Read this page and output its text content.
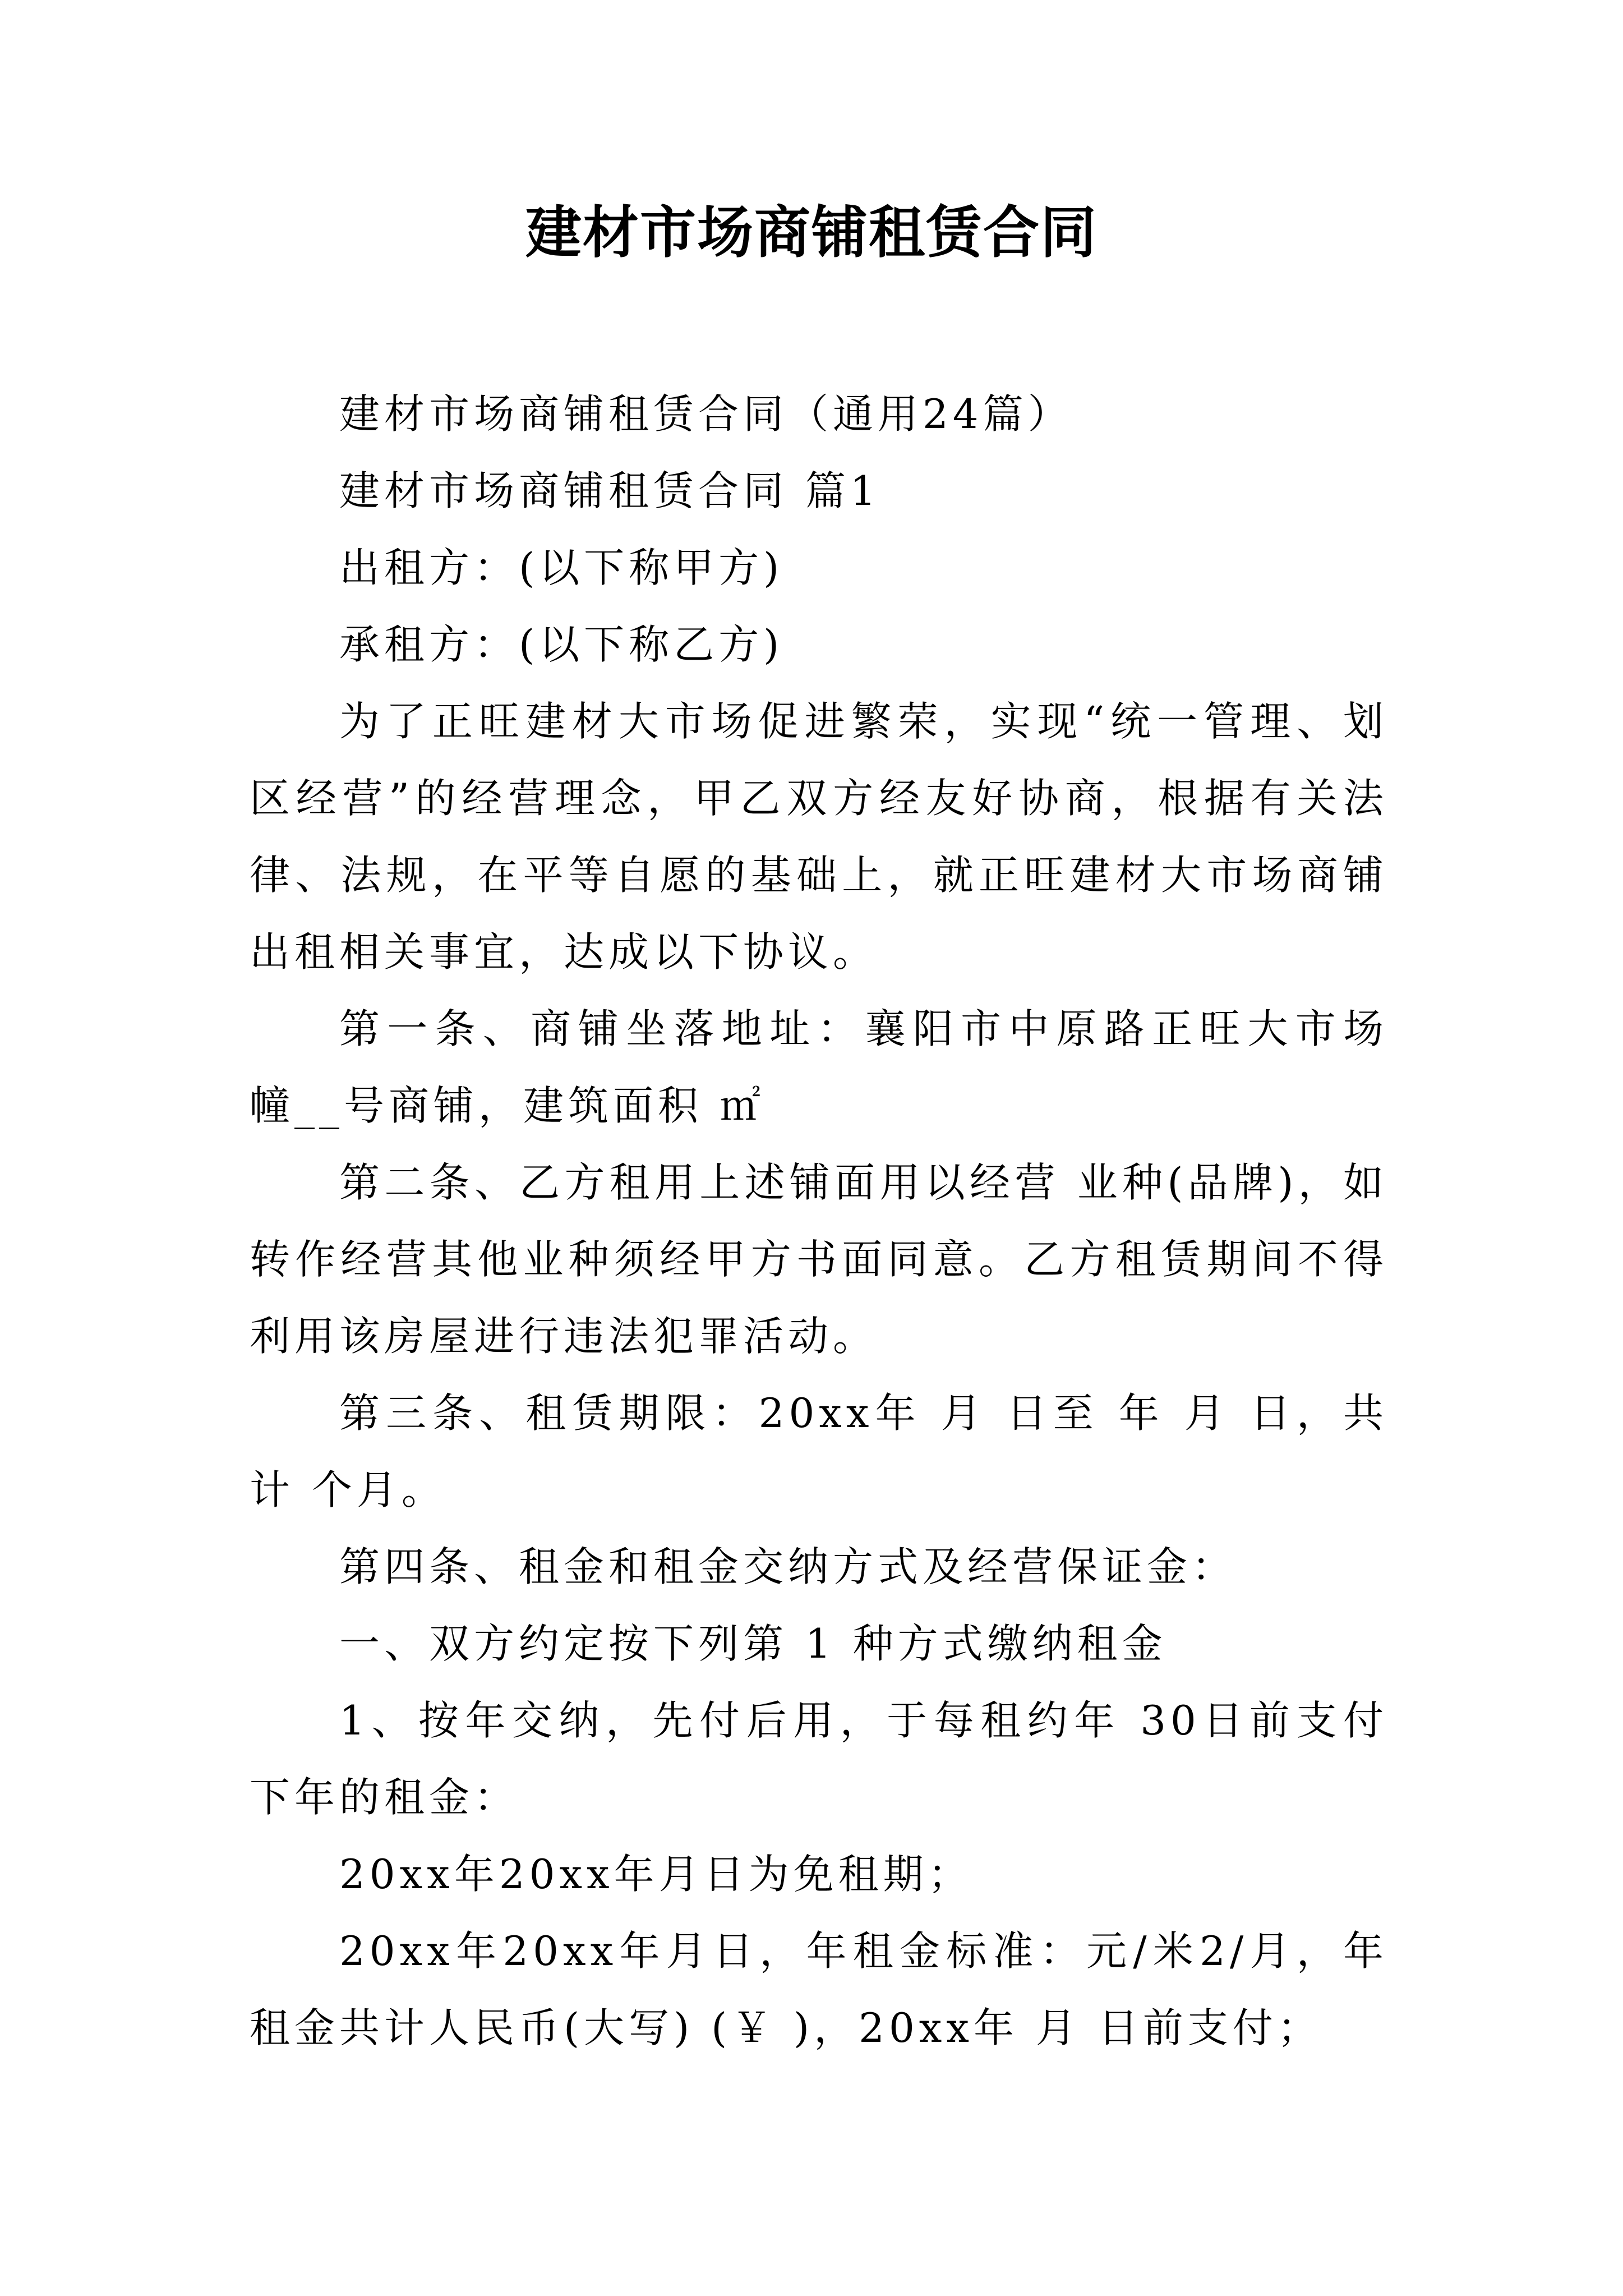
建材市场商铺租赁合同

建材市场商铺租赁合同（通用24篇）

建材市场商铺租赁合同 篇1

出租方：(以下称甲方)

承租方：(以下称乙方)

为了正旺建材大市场促进繁荣，实现“统一管理、划区经营”的经营理念，甲乙双方经友好协商，根据有关法律、法规，在平等自愿的基础上，就正旺建材大市场商铺出租相关事宜，达成以下协议。

第一条、商铺坐落地址：襄阳市中原路正旺大市场 幢__号商铺，建筑面积 ㎡

第二条、乙方租用上述铺面用以经营 业种(品牌)，如转作经营其他业种须经甲方书面同意。乙方租赁期间不得利用该房屋进行违法犯罪活动。

第三条、租赁期限：20xx年 月 日至 年 月 日，共计 个月。

第四条、租金和租金交纳方式及经营保证金：

一、双方约定按下列第 1 种方式缴纳租金

1、按年交纳，先付后用，于每租约年 30日前支付下年的租金：

20xx年20xx年月日为免租期；

20xx年20xx年月日，年租金标准：元/米2/月，年租金共计人民币(大写) (￥ )，20xx年 月 日前支付；
